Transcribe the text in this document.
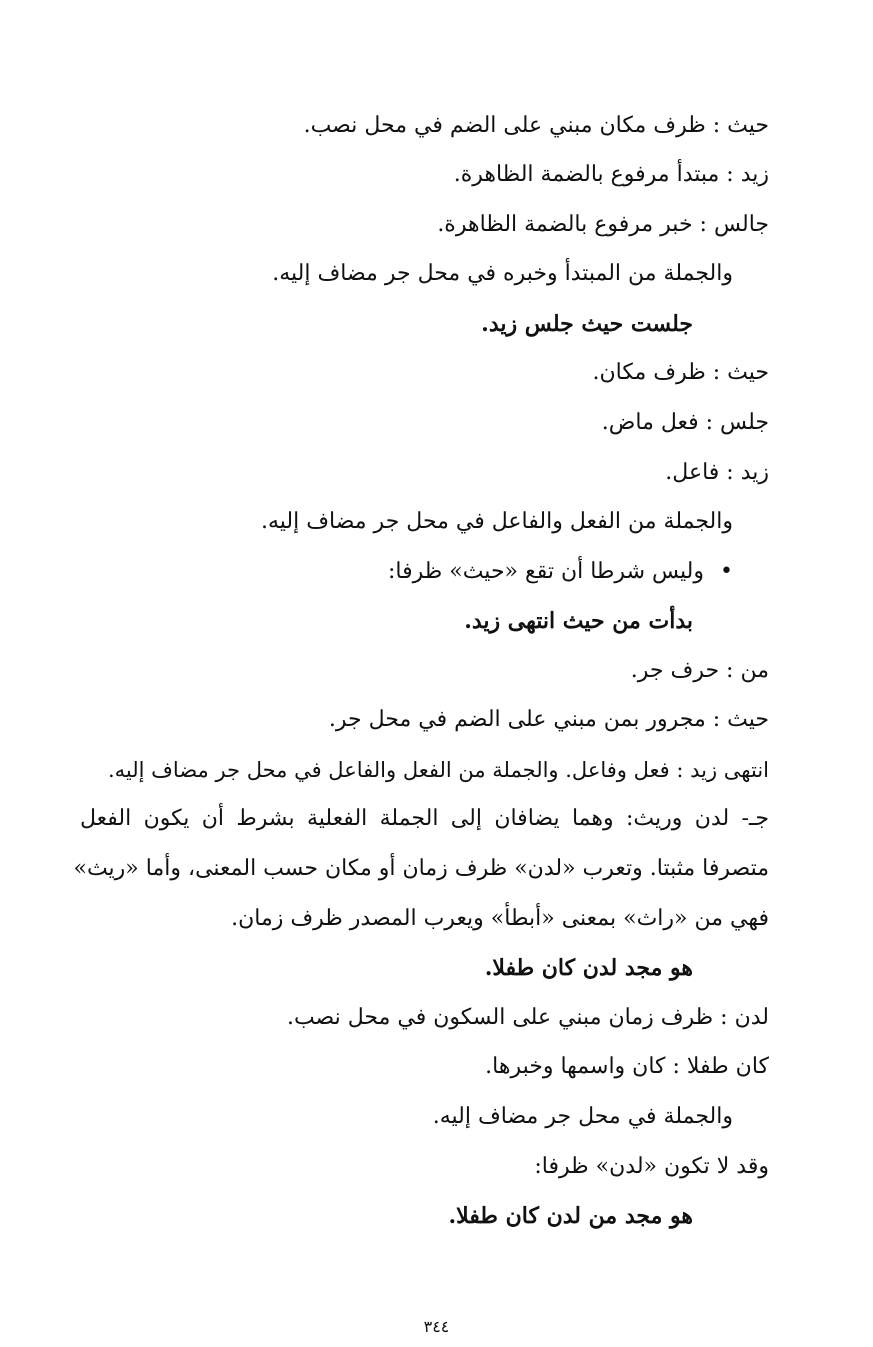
حيث : ظرف مكان مبني على الضم في محل نصب.
زيد : مبتدأ مرفوع بالضمة الظاهرة.
جالس : خبر مرفوع بالضمة الظاهرة.
والجملة من المبتدأ وخبره في محل جر مضاف إليه.
جلست حيث جلس زيد.
حيث : ظرف مكان.
جلس : فعل ماض.
زيد : فاعل.
والجملة من الفعل والفاعل في محل جر مضاف إليه.
•وليس شرطا أن تقع «حيث» ظرفا:
بدأت من حيث انتهى زيد.
من : حرف جر.
حيث : مجرور بمن مبني على الضم في محل جر.
انتهى زيد : فعل وفاعل. والجملة من الفعل والفاعل في محل جر مضاف إليه.
جـ- لدن وريث: وهما يضافان إلى الجملة الفعلية بشرط أن يكون الفعل
متصرفا مثبتا. وتعرب «لدن» ظرف زمان أو مكان حسب المعنى، وأما «ريث»
فهي من «راث» بمعنى «أبطأ» ويعرب المصدر ظرف زمان.
هو مجد لدن كان طفلا.
لدن : ظرف زمان مبني على السكون في محل نصب.
كان طفلا : كان واسمها وخبرها.
والجملة في محل جر مضاف إليه.
وقد لا تكون «لدن» ظرفا:
هو مجد من لدن كان طفلا.
٣٤٤
